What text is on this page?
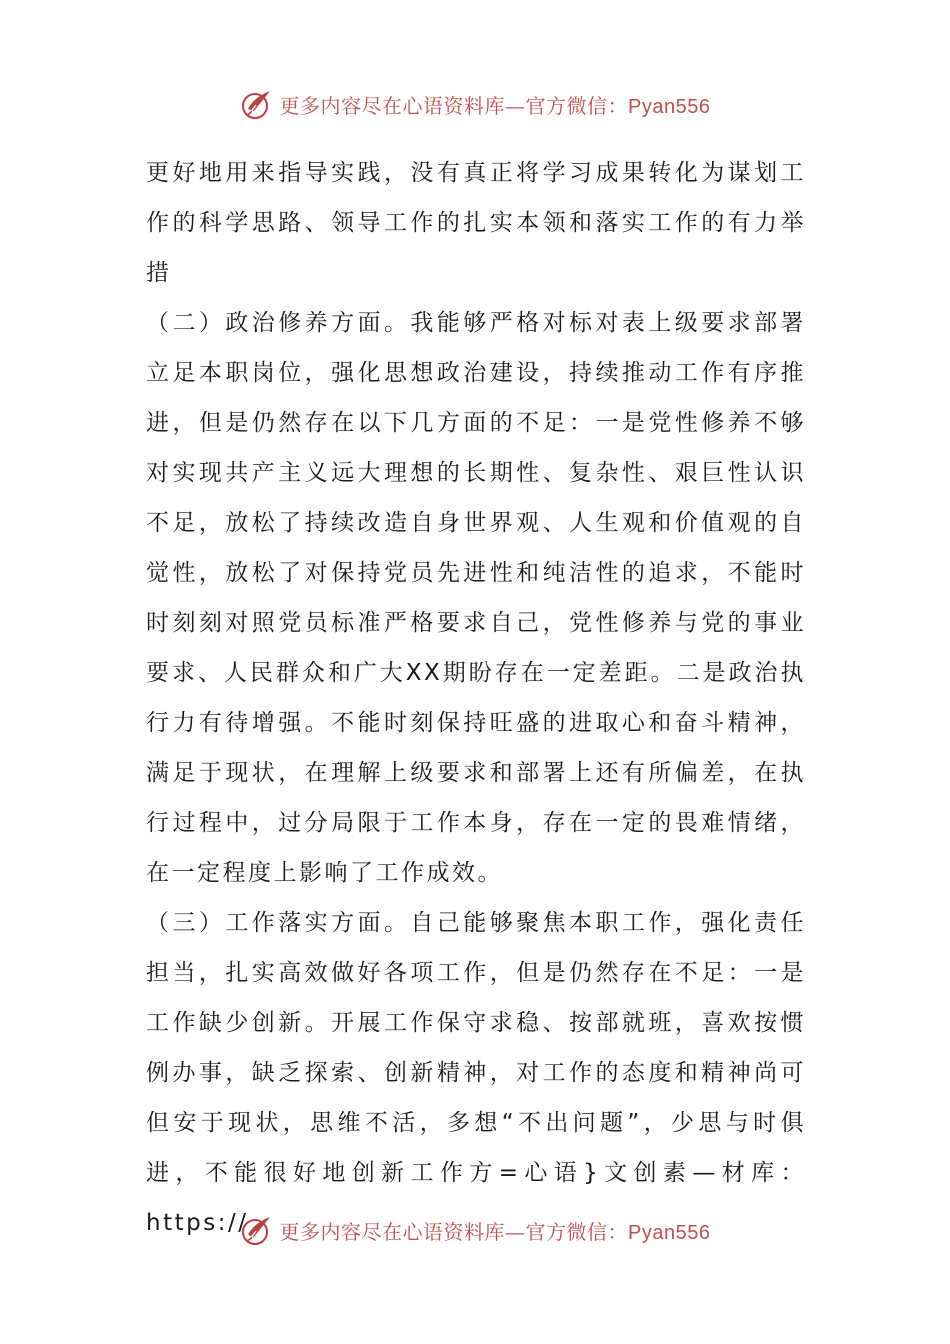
更多内容尽在心语资料库—官方微信：Pyan556

更好地用来指导实践，没有真正将学习成果转化为谋划工作的科学思路、领导工作的扎实本领和落实工作的有力举措

（二）政治修养方面。我能够严格对标对表上级要求部署立足本职岗位，强化思想政治建设，持续推动工作有序推进，但是仍然存在以下几方面的不足：一是党性修养不够对实现共产主义远大理想的长期性、复杂性、艰巨性认识不足，放松了持续改造自身世界观、人生观和价值观的自觉性，放松了对保持党员先进性和纯洁性的追求，不能时时刻刻对照党员标准严格要求自己，党性修养与党的事业要求、人民群众和广大XX期盼存在一定差距。二是政治执行力有待增强。不能时刻保持旺盛的进取心和奋斗精神，满足于现状，在理解上级要求和部署上还有所偏差，在执行过程中，过分局限于工作本身，存在一定的畏难情绪，在一定程度上影响了工作成效。

（三）工作落实方面。自己能够聚焦本职工作，强化责任担当，扎实高效做好各项工作，但是仍然存在不足：一是工作缺少创新。开展工作保守求稳、按部就班，喜欢按惯例办事，缺乏探索、创新精神，对工作的态度和精神尚可但安于现状，思维不活，多想“不出问题”，少思与时俱进，不能很好地创新工作方=心语}文创素—材库：https://	更多内容尽在心语资料库—官方微信：Pyan556
